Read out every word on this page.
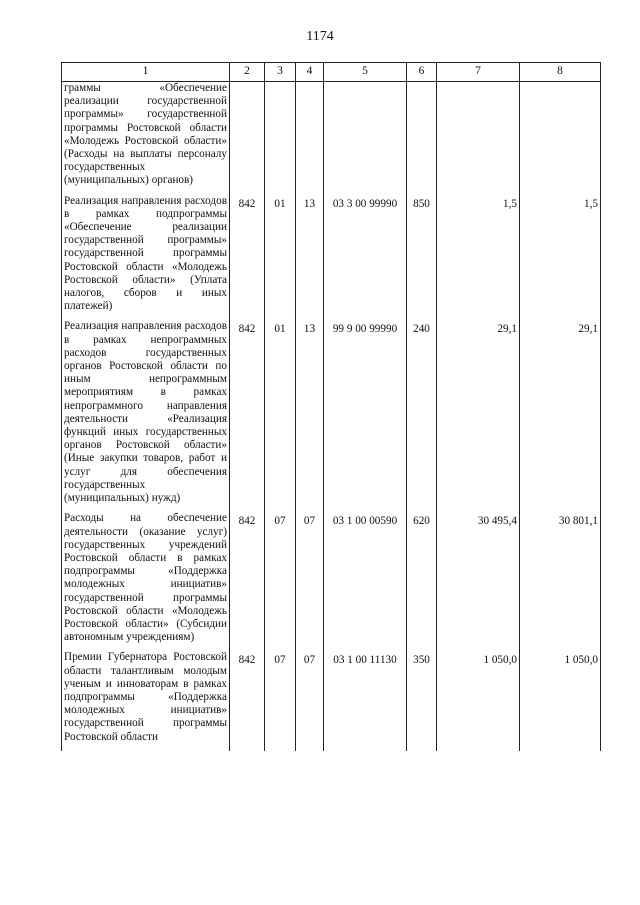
1174
1	2	3	4	5	6	7	8
граммы «Обеспечение реализации государственной программы» государственной программы Ростовской области «Молодежь Ростовской области» (Расходы на выплаты персоналу государственных (муниципальных) органов)							
Реализация направления расходов в рамках подпрограммы «Обеспечение реализации государственной программы» государственной программы Ростовской области «Молодежь Ростовской области» (Уплата налогов, сборов и иных платежей)	842	01	13	03 3 00 99990	850	1,5	1,5
Реализация направления расходов в рамках непрограммных расходов государственных органов Ростовской области по иным непрограммным мероприятиям в рамках непрограммного направления деятельности «Реализация функций иных государственных органов Ростовской области» (Иные закупки товаров, работ и услуг для обеспечения государственных (муниципальных) нужд)	842	01	13	99 9 00 99990	240	29,1	29,1
Расходы на обеспечение деятельности (оказание услуг) государственных учреждений Ростовской области в рамках подпрограммы «Поддержка молодежных инициатив» государственной программы Ростовской области «Молодежь Ростовской области» (Субсидии автономным учреждениям)	842	07	07	03 1 00 00590	620	30 495,4	30 801,1
Премии Губернатора Ростовской области талантливым молодым ученым и инноваторам в рамках подпрограммы «Поддержка молодежных инициатив» государственной программы Ростовской области	842	07	07	03 1 00 11130	350	1 050,0	1 050,0
